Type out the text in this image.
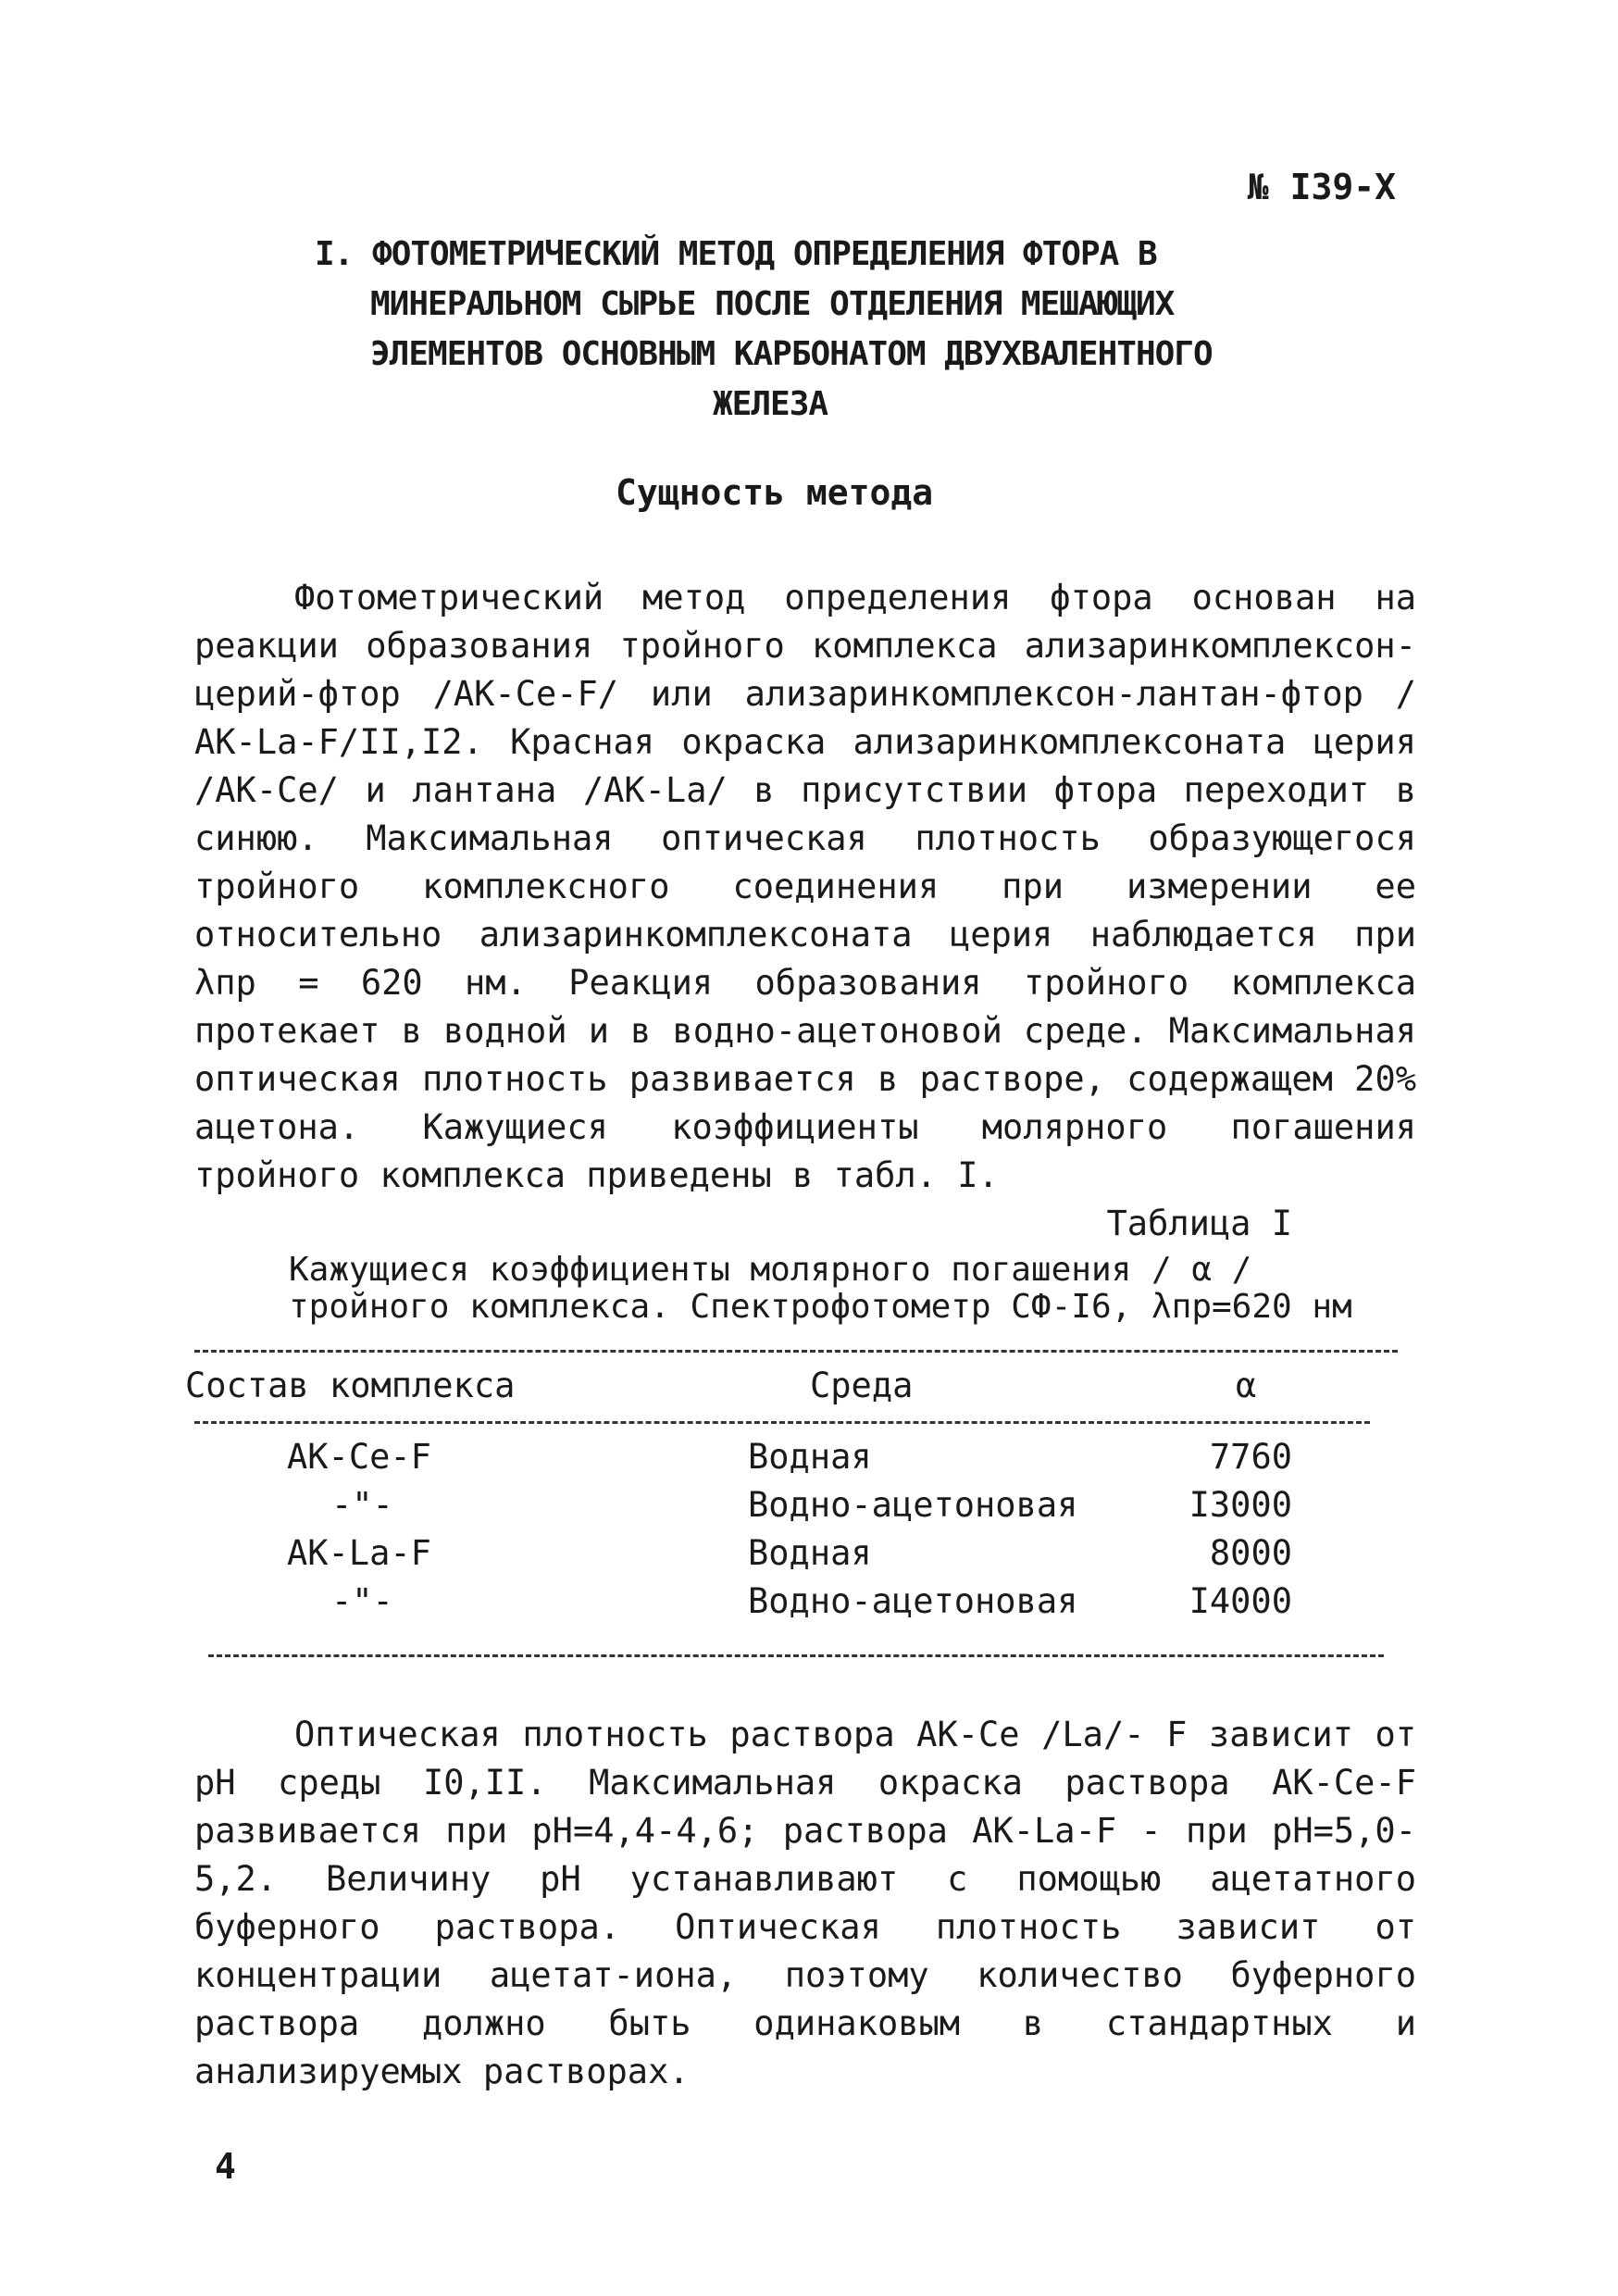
№ I39-X
I. ФОТОМЕТРИЧЕСКИЙ МЕТОД ОПРЕДЕЛЕНИЯ ФТОРА В
МИНЕРАЛЬНОМ СЫРЬЕ ПОСЛЕ ОТДЕЛЕНИЯ МЕШАЮЩИХ
ЭЛЕМЕНТОВ ОСНОВНЫМ КАРБОНАТОМ ДВУХВАЛЕНТНОГО
ЖЕЛЕЗА
Сущность метода
Фотометрический метод определения фтора основан на реакции образования тройного комплекса ализаринкомплексон-церий-фтор /АК-Се-F/ или ализаринкомплексон-лантан-фтор /АК-La-F/II,I2. Красная окраска ализаринкомплексоната церия /АК-Се/ и лантана /АК-La/ в присутствии фтора переходит в синюю. Максимальная оптическая плотность образующегося тройного комплексного соединения при измерении ее относительно ализаринкомплексоната церия наблюдается при λпр = 620 нм. Реакция образования тройного комплекса протекает в водной и в водно-ацетоновой среде. Максимальная оптическая плотность развивается в растворе, содержащем 20% ацетона. Кажущиеся коэффициенты молярного погашения тройного комплекса приведены в табл. I.
Таблица I
Кажущиеся коэффициенты молярного погашения / α /
тройного комплекса. Спектрофотометр СФ-I6, λпр=620 нм
Состав комплекса	Среда	α
АК-Се-F	Водная	7760
-"-	Водно-ацетоновая	I3000
АК-La-F	Водная	8000
-"-	Водно-ацетоновая	I4000
Оптическая плотность раствора АК-Се /La/- F зависит от pH среды I0,II. Максимальная окраска раствора АК-Се-F развивается при pH=4,4-4,6; раствора АК-La-F - при pH=5,0-5,2. Величину pH устанавливают с помощью ацетатного буферного раствора. Оптическая плотность зависит от концентрации ацетат-иона, поэтому количество буферного раствора должно быть одинаковым в стандартных и анализируемых растворах.
4
